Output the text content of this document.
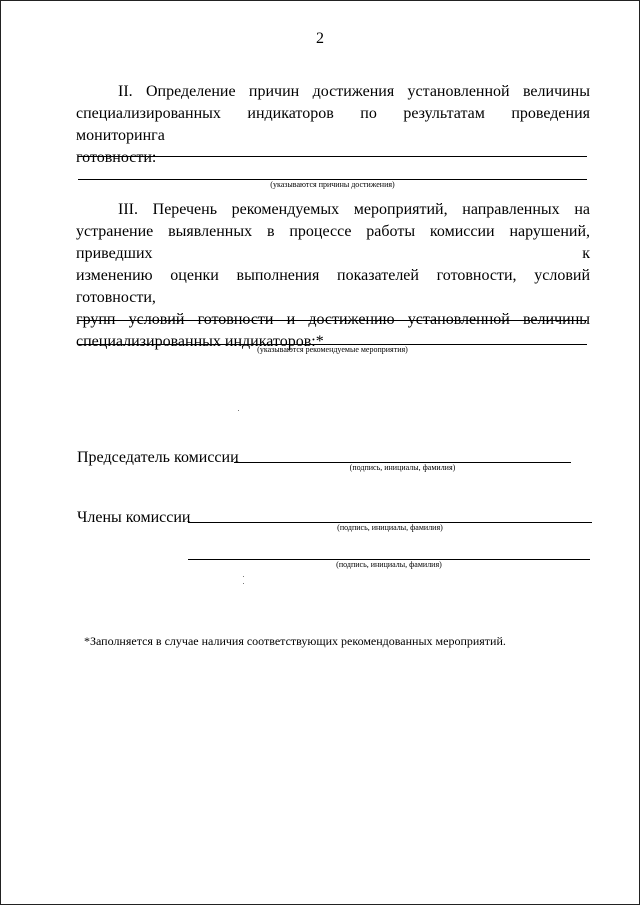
2
II. Определение причин достижения установленной величины
специализированных индикаторов по результатам проведения мониторинга
готовности:
(указываются причины достижения)
III. Перечень рекомендуемых мероприятий, направленных на
устранение выявленных в процессе работы комиссии нарушений, приведших к
изменению оценки выполнения показателей готовности, условий готовности,
групп условий готовности и достижению установленной величины
специализированных индикаторов:*
(указываются рекомендуемые мероприятия)
Председатель комиссии
(подпись, инициалы, фамилия)
Члены комиссии
(подпись, инициалы, фамилия)
(подпись, инициалы, фамилия)
*Заполняется в случае наличия соответствующих рекомендованных мероприятий.
